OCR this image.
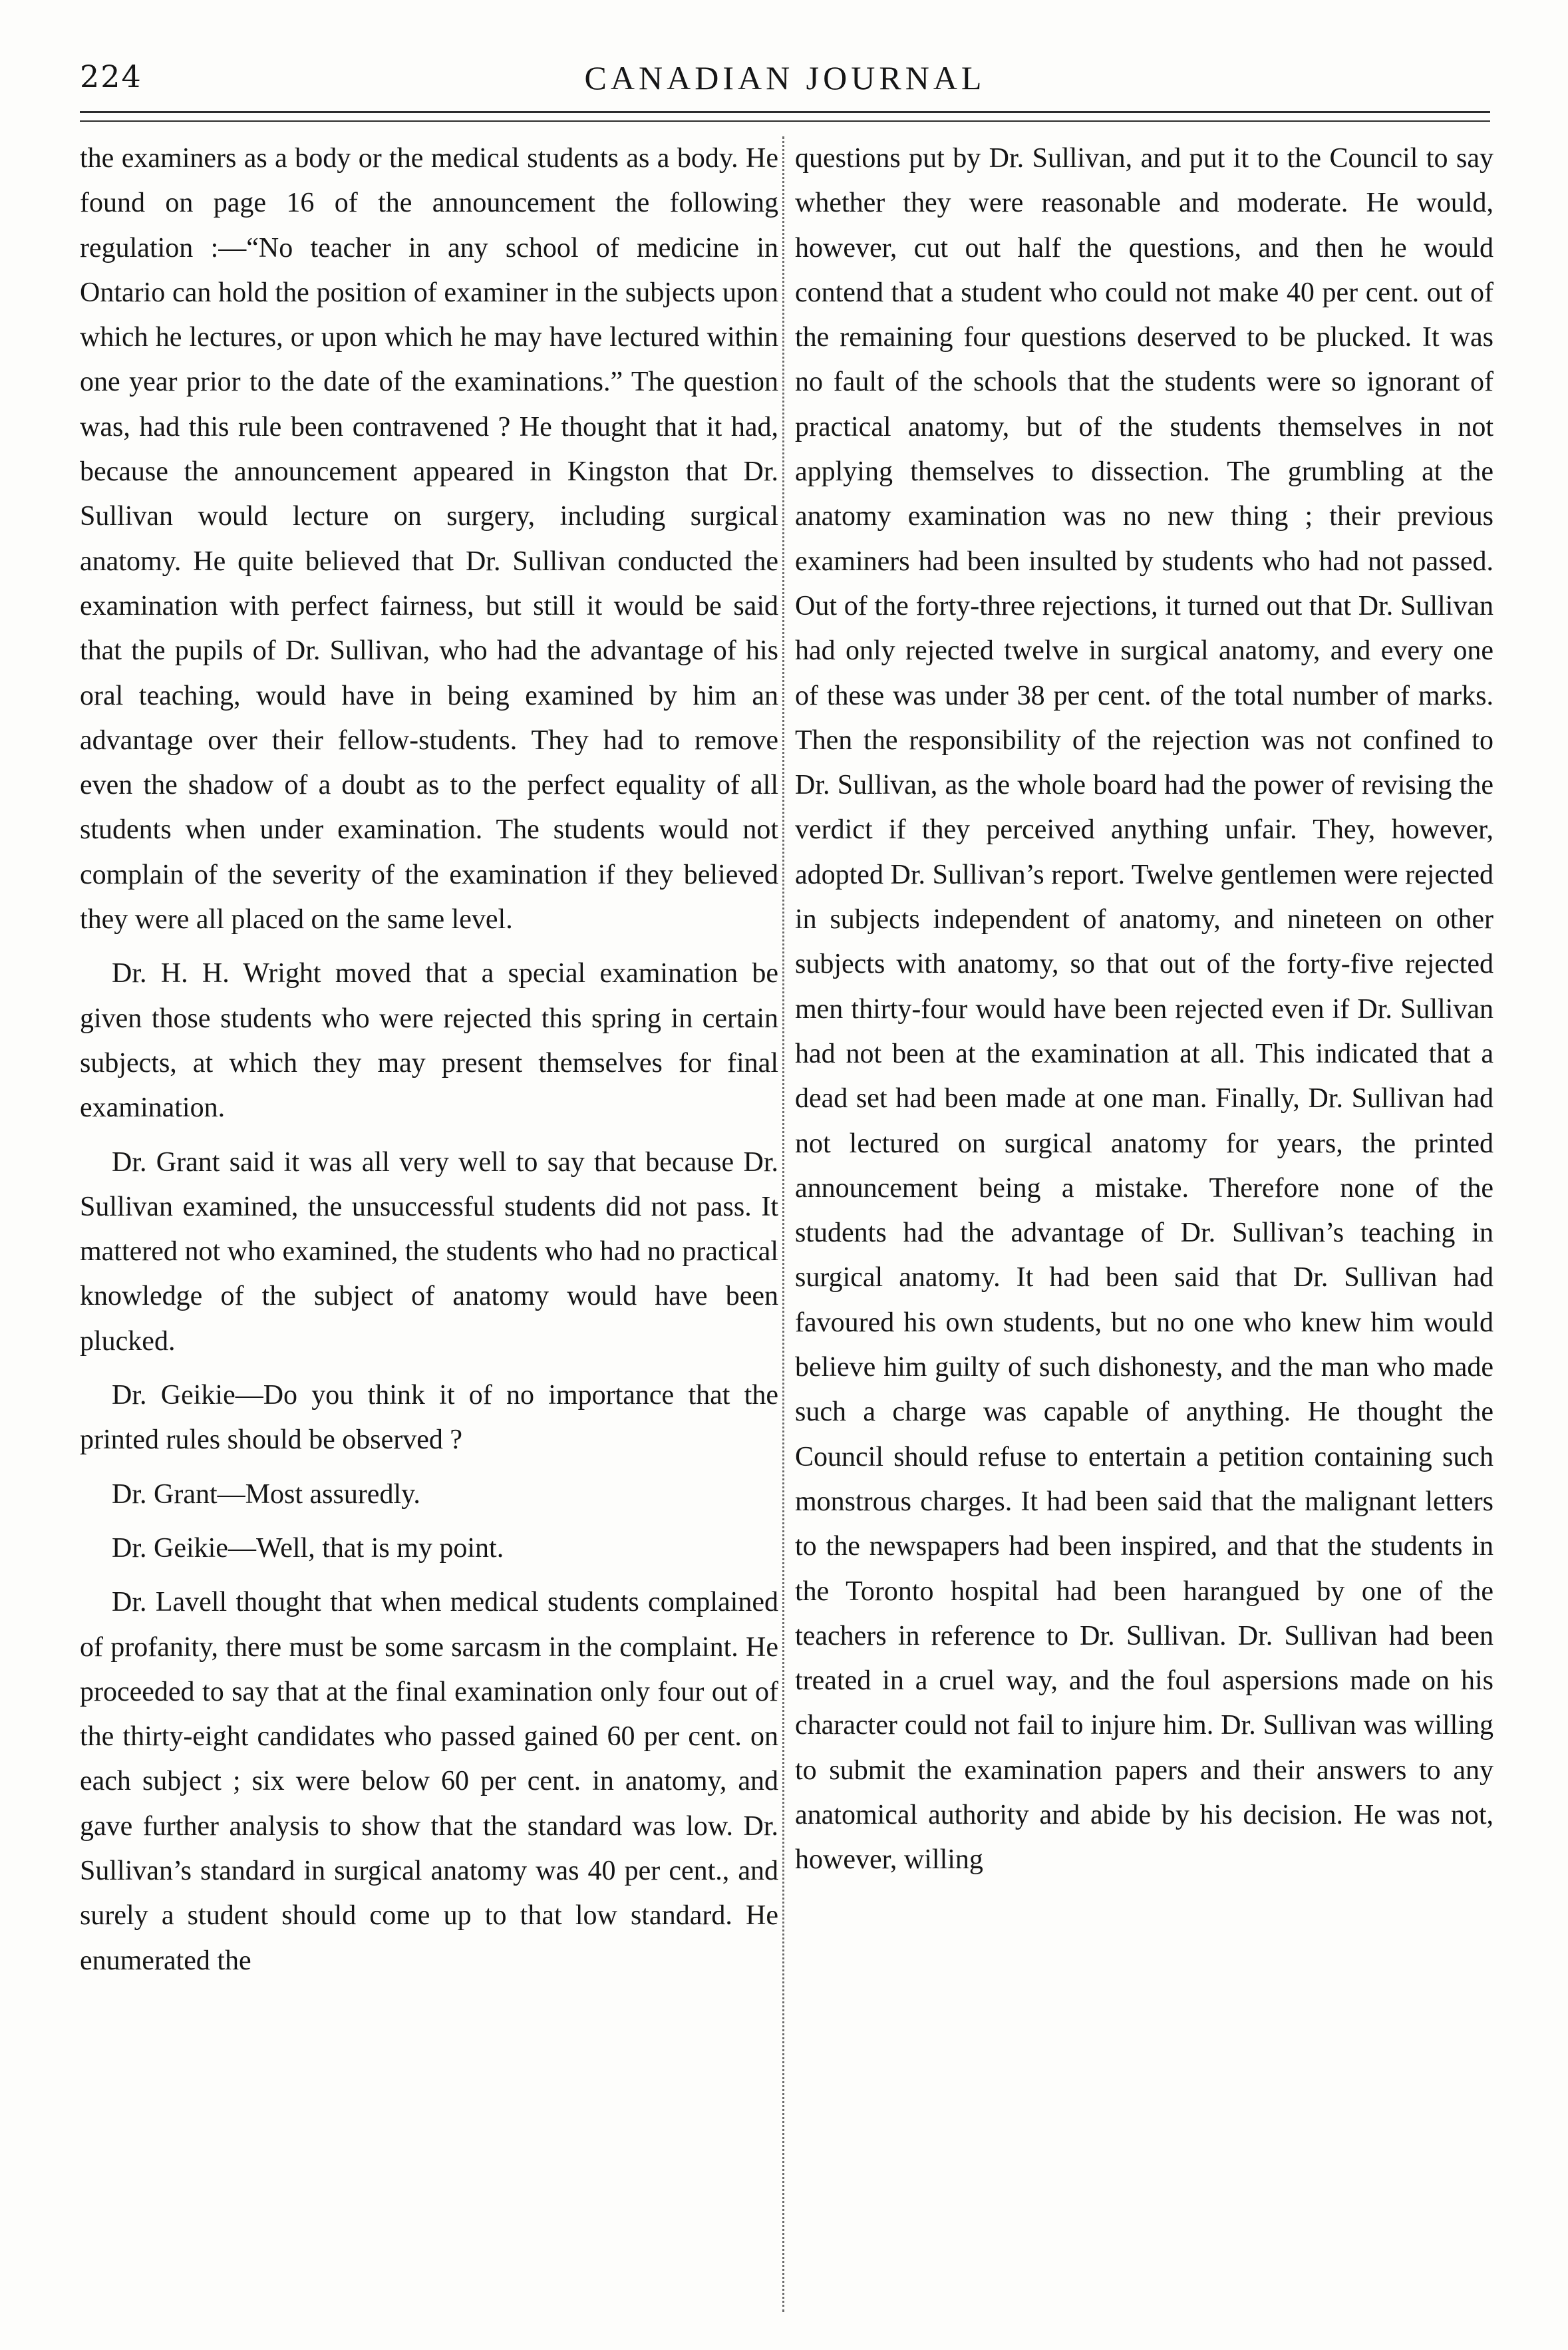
224	CANADIAN JOURNAL

the examiners as a body or the medical students as a body. He found on page 16 of the announcement the following regulation :—“No teacher in any school of medicine in Ontario can hold the position of examiner in the subjects upon which he lectures, or upon which he may have lectured within one year prior to the date of the examinations.” The question was, had this rule been contravened ? He thought that it had, because the announcement appeared in Kingston that Dr. Sullivan would lecture on surgery, including surgical anatomy. He quite believed that Dr. Sullivan conducted the examination with perfect fairness, but still it would be said that the pupils of Dr. Sullivan, who had the advantage of his oral teaching, would have in being examined by him an advantage over their fellow-students. They had to remove even the shadow of a doubt as to the perfect equality of all students when under examination. The students would not complain of the severity of the examination if they believed they were all placed on the same level.

Dr. H. H. Wright moved that a special examination be given those students who were rejected this spring in certain subjects, at which they may present themselves for final examination.

Dr. Grant said it was all very well to say that because Dr. Sullivan examined, the unsuccessful students did not pass. It mattered not who examined, the students who had no practical knowledge of the subject of anatomy would have been plucked.

Dr. Geikie—Do you think it of no importance that the printed rules should be observed ?

Dr. Grant—Most assuredly.

Dr. Geikie—Well, that is my point.

Dr. Lavell thought that when medical students complained of profanity, there must be some sarcasm in the complaint. He proceeded to say that at the final examination only four out of the thirty-eight candidates who passed gained 60 per cent. on each subject ; six were below 60 per cent. in anatomy, and gave further analysis to show that the standard was low. Dr. Sullivan’s standard in surgical anatomy was 40 per cent., and surely a student should come up to that low standard. He enumerated the

questions put by Dr. Sullivan, and put it to the Council to say whether they were reasonable and moderate. He would, however, cut out half the questions, and then he would contend that a student who could not make 40 per cent. out of the remaining four questions deserved to be plucked. It was no fault of the schools that the students were so ignorant of practical anatomy, but of the students themselves in not applying themselves to dissection. The grumbling at the anatomy examination was no new thing ; their previous examiners had been insulted by students who had not passed. Out of the forty-three rejections, it turned out that Dr. Sullivan had only rejected twelve in surgical anatomy, and every one of these was under 38 per cent. of the total number of marks. Then the responsibility of the rejection was not confined to Dr. Sullivan, as the whole board had the power of revising the verdict if they perceived anything unfair. They, however, adopted Dr. Sullivan’s report. Twelve gentlemen were rejected in subjects independent of anatomy, and nineteen on other subjects with anatomy, so that out of the forty-five rejected men thirty-four would have been rejected even if Dr. Sullivan had not been at the examination at all. This indicated that a dead set had been made at one man. Finally, Dr. Sullivan had not lectured on surgical anatomy for years, the printed announcement being a mistake. Therefore none of the students had the advantage of Dr. Sullivan’s teaching in surgical anatomy. It had been said that Dr. Sullivan had favoured his own students, but no one who knew him would believe him guilty of such dishonesty, and the man who made such a charge was capable of anything. He thought the Council should refuse to entertain a petition containing such monstrous charges. It had been said that the malignant letters to the newspapers had been inspired, and that the students in the Toronto hospital had been harangued by one of the teachers in reference to Dr. Sullivan. Dr. Sullivan had been treated in a cruel way, and the foul aspersions made on his character could not fail to injure him. Dr. Sullivan was willing to submit the examination papers and their answers to any anatomical authority and abide by his decision. He was not, however, willing
